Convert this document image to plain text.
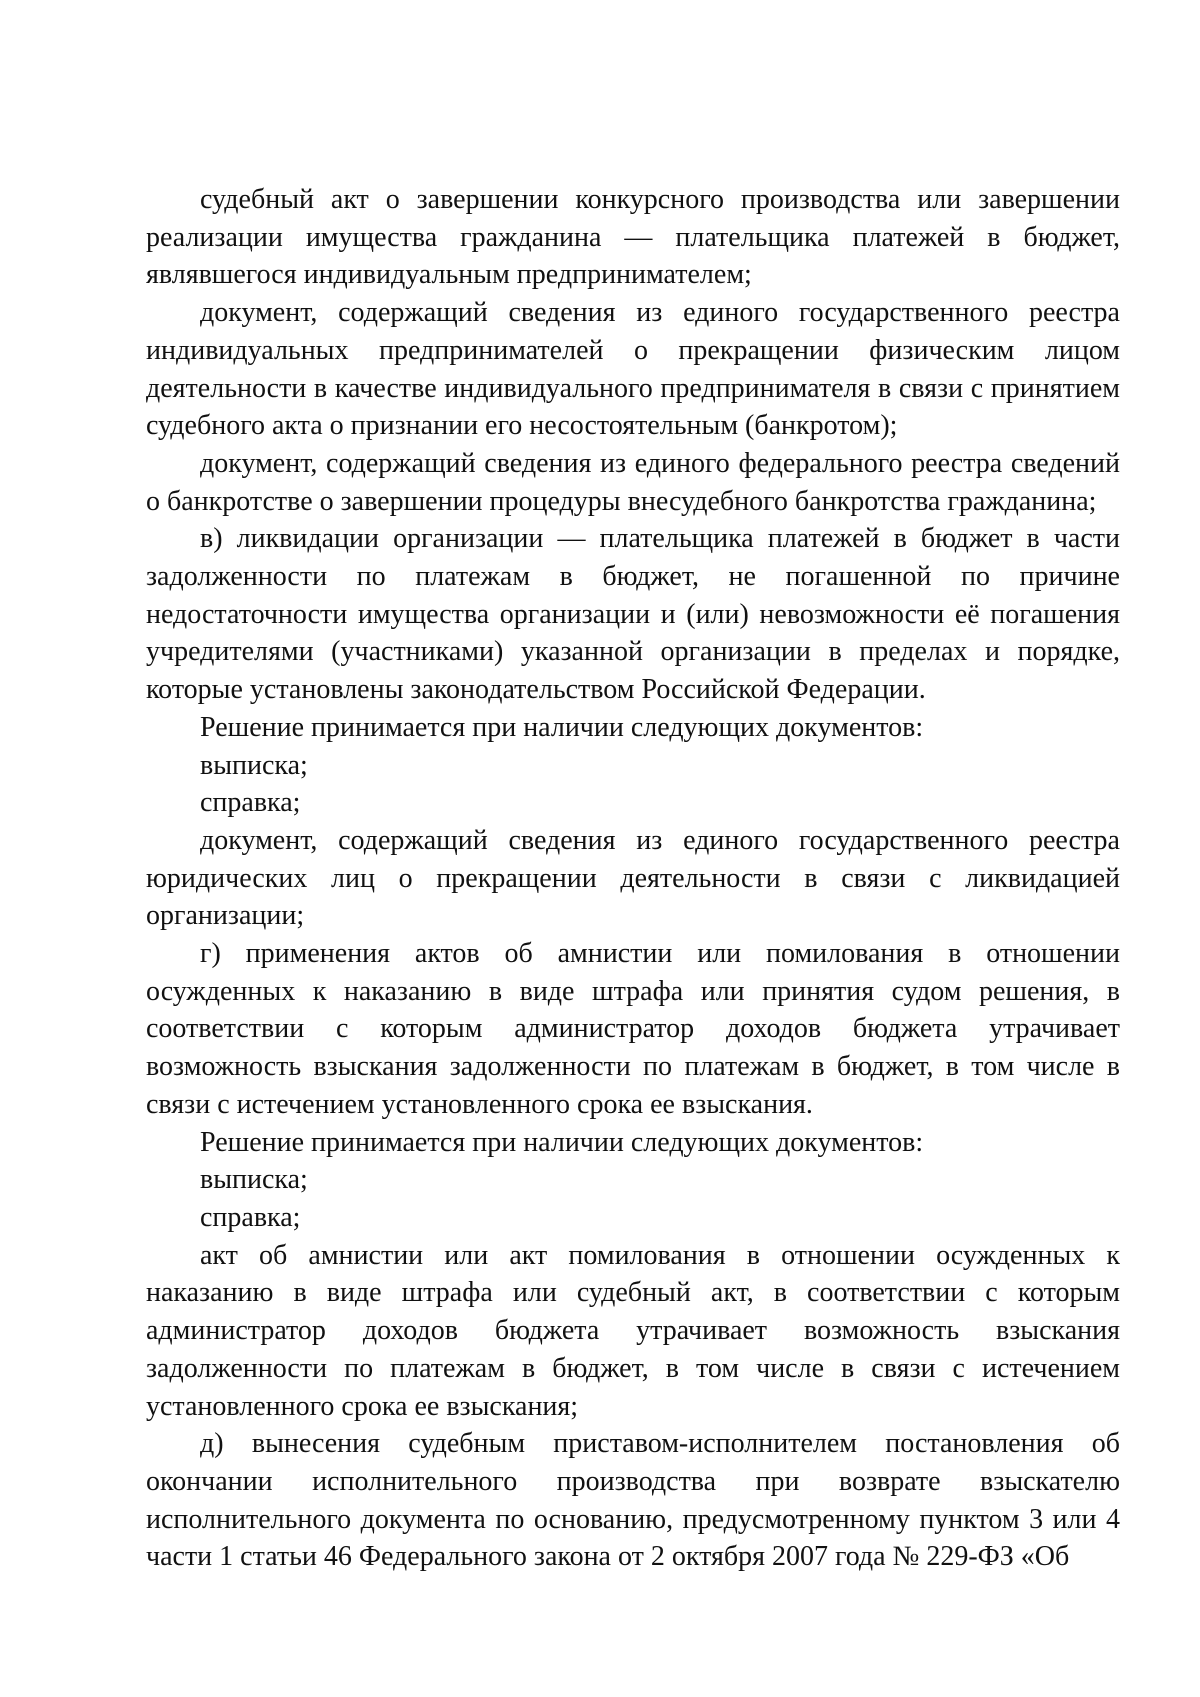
судебный акт о завершении конкурсного производства или завершении реализации имущества гражданина — плательщика платежей в бюджет, являвшегося индивидуальным предпринимателем;

документ, содержащий сведения из единого государственного реестра индивидуальных предпринимателей о прекращении физическим лицом деятельности в качестве индивидуального предпринимателя в связи с принятием судебного акта о признании его несостоятельным (банкротом);

документ, содержащий сведения из единого федерального реестра сведений о банкротстве о завершении процедуры внесудебного банкротства гражданина;

в) ликвидации организации — плательщика платежей в бюджет в части задолженности по платежам в бюджет, не погашенной по причине недостаточности имущества организации и (или) невозможности её погашения учредителями (участниками) указанной организации в пределах и порядке, которые установлены законодательством Российской Федерации.

Решение принимается при наличии следующих документов:

выписка;

справка;

документ, содержащий сведения из единого государственного реестра юридических лиц о прекращении деятельности в связи с ликвидацией организации;

г) применения актов об амнистии или помилования в отношении осужденных к наказанию в виде штрафа или принятия судом решения, в соответствии с которым администратор доходов бюджета утрачивает возможность взыскания задолженности по платежам в бюджет, в том числе в связи с истечением установленного срока ее взыскания.

Решение принимается при наличии следующих документов:

выписка;

справка;

акт об амнистии или акт помилования в отношении осужденных к наказанию в виде штрафа или судебный акт, в соответствии с которым администратор доходов бюджета утрачивает возможность взыскания задолженности по платежам в бюджет, в том числе в связи с истечением установленного срока ее взыскания;

д) вынесения судебным приставом-исполнителем постановления об окончании исполнительного производства при возврате взыскателю исполнительного документа по основанию, предусмотренному пунктом 3 или 4 части 1 статьи 46 Федерального закона от 2 октября 2007 года № 229-ФЗ «Об
